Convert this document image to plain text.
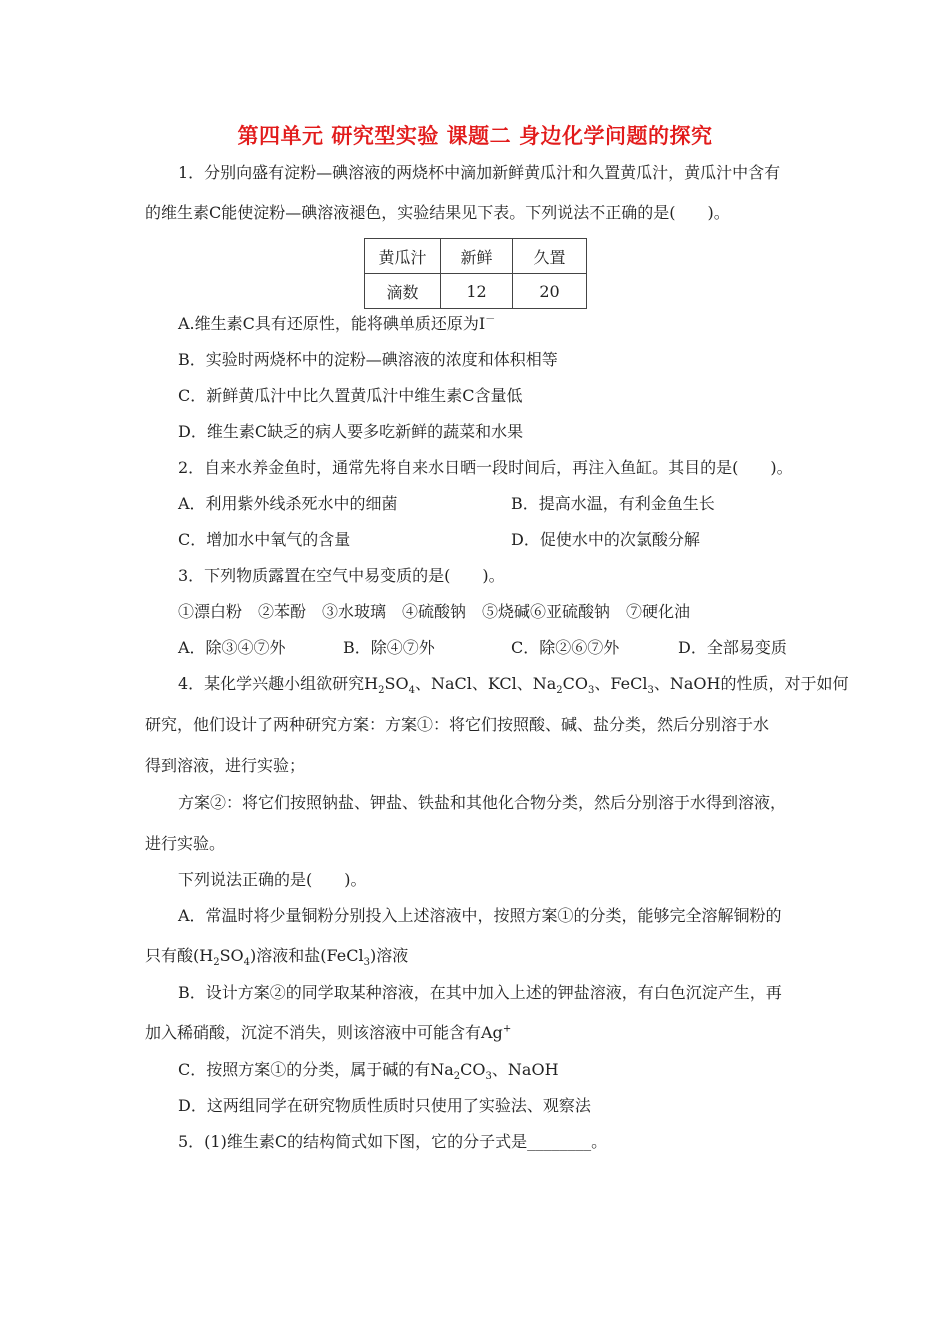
第四单元 研究型实验 课题二 身边化学问题的探究
1．分别向盛有淀粉—碘溶液的两烧杯中滴加新鲜黄瓜汁和久置黄瓜汁，黄瓜汁中含有
的维生素C能使淀粉—碘溶液褪色，实验结果见下表。下列说法不正确的是(　　)。
黄瓜汁	新鲜	久置
滴数	12	20
A.维生素C具有还原性，能将碘单质还原为I－
B．实验时两烧杯中的淀粉—碘溶液的浓度和体积相等
C．新鲜黄瓜汁中比久置黄瓜汁中维生素C含量低
D．维生素C缺乏的病人要多吃新鲜的蔬菜和水果
2．自来水养金鱼时，通常先将自来水日晒一段时间后，再注入鱼缸。其目的是(　　)。
A．利用紫外线杀死水中的细菌	B．提高水温，有利金鱼生长
C．增加水中氧气的含量	D．促使水中的次氯酸分解
3．下列物质露置在空气中易变质的是(　　)。
①漂白粉　②苯酚　③水玻璃　④硫酸钠　⑤烧碱⑥亚硫酸钠　⑦硬化油
A．除③④⑦外	B．除④⑦外	C．除②⑥⑦外	D．全部易变质
4．某化学兴趣小组欲研究$H_2SO_4$、NaCl、KCl、$Na_2CO_3$、FeCl$_3$、NaOH的性质，对于如何
研究，他们设计了两种研究方案：方案①：将它们按照酸、碱、盐分类，然后分别溶于水
得到溶液，进行实验；
方案②：将它们按照钠盐、钾盐、铁盐和其他化合物分类，然后分别溶于水得到溶液，
进行实验。
下列说法正确的是(　　)。
A．常温时将少量铜粉分别投入上述溶液中，按照方案①的分类，能够完全溶解铜粉的
只有酸$(H_2SO_4)$溶液和盐(FeCl$_3$)溶液
B．设计方案②的同学取某种溶液，在其中加入上述的钾盐溶液，有白色沉淀产生，再
加入稀硝酸，沉淀不消失，则该溶液中可能含有Ag+
C．按照方案①的分类，属于碱的有$Na_2CO_3$、NaOH
D．这两组同学在研究物质性质时只使用了实验法、观察法
5．(1)维生素C的结构简式如下图，它的分子式是________。
